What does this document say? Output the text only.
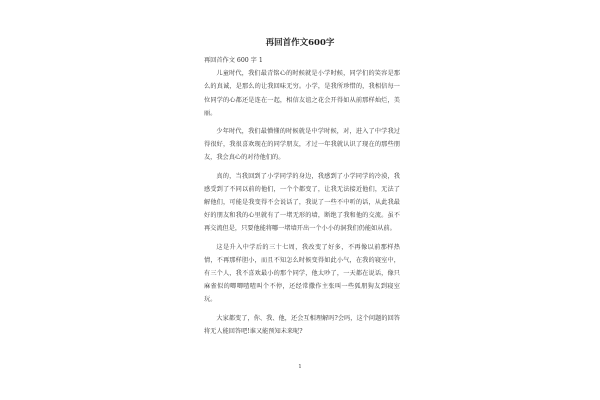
再回首作文600字

再回首作文 600 字 1

儿童时代，我们最青铭心的时候就是小学时候，同学们的笑容是那么的真诚，是那么的让我回味无穷。小学，是我所珍惜的，我相信每一位同学的心都还是连在一起，相信友谊之花会开得如从前那样灿烂，美丽。

少年时代，我们最懵懂的时候就是中学时候，对，进入了中学我过得很好，我很喜欢现在的同学朋友，才过一年我就认识了现在的那些朋友，我会真心的对待他们的。

真的，当我回到了小学同学的身边，我感到了小学同学的冷漠，我感受到了不同以前的他们，一个个都变了，让我无法接近他们，无法了解他们，可能是我变得不会说话了，我说了一些不中听的话，从此我最好的朋友和我的心里就有了一堵无形的墙，断绝了我和他的交流。虽不再交流但是，只要他能将哪一堵墙开出一个小小的洞我们仍能如从前。

这是升入中学后的三十七周，我改变了好多，不再像以前那样热情，不再那样胆小，而且不知怎么时候变得如此小气，在我的寝室中，有三个人，我不喜欢最小的那个同学，他太吵了，一天都在说话，像只麻雀似的唧唧喳喳叫个不停，还经常撒作主张叫一些狐朋狗友到寝室玩。

大家都变了，你、我、他，还会互相理解吗?会吗，这个问题的回答将无人能回答吧!谁又能预知未来呢?

1
